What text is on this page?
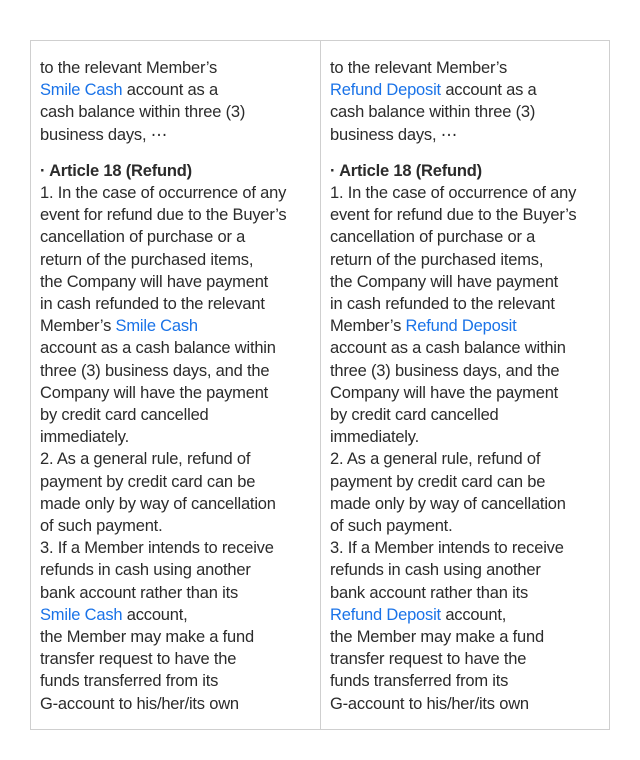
to the relevant Member’s
Smile Cash account as a
cash balance within three (3)
business days, ⋯
· Article 18 (Refund)
1. In the case of occurrence of any
event for refund due to the Buyer’s
cancellation of purchase or a
return of the purchased items,
the Company will have payment
in cash refunded to the relevant
Member’s Smile Cash
account as a cash balance within
three (3) business days, and the
Company will have the payment
by credit card cancelled
immediately.
2. As a general rule, refund of
payment by credit card can be
made only by way of cancellation
of such payment.
3. If a Member intends to receive
refunds in cash using another
bank account rather than its
Smile Cash account,
the Member may make a fund
transfer request to have the
funds transferred from its
G-account to his/her/its own
to the relevant Member’s
Refund Deposit account as a
cash balance within three (3)
business days, ⋯
· Article 18 (Refund)
1. In the case of occurrence of any
event for refund due to the Buyer’s
cancellation of purchase or a
return of the purchased items,
the Company will have payment
in cash refunded to the relevant
Member’s Refund Deposit
account as a cash balance within
three (3) business days, and the
Company will have the payment
by credit card cancelled
immediately.
2. As a general rule, refund of
payment by credit card can be
made only by way of cancellation
of such payment.
3. If a Member intends to receive
refunds in cash using another
bank account rather than its
Refund Deposit account,
the Member may make a fund
transfer request to have the
funds transferred from its
G-account to his/her/its own
